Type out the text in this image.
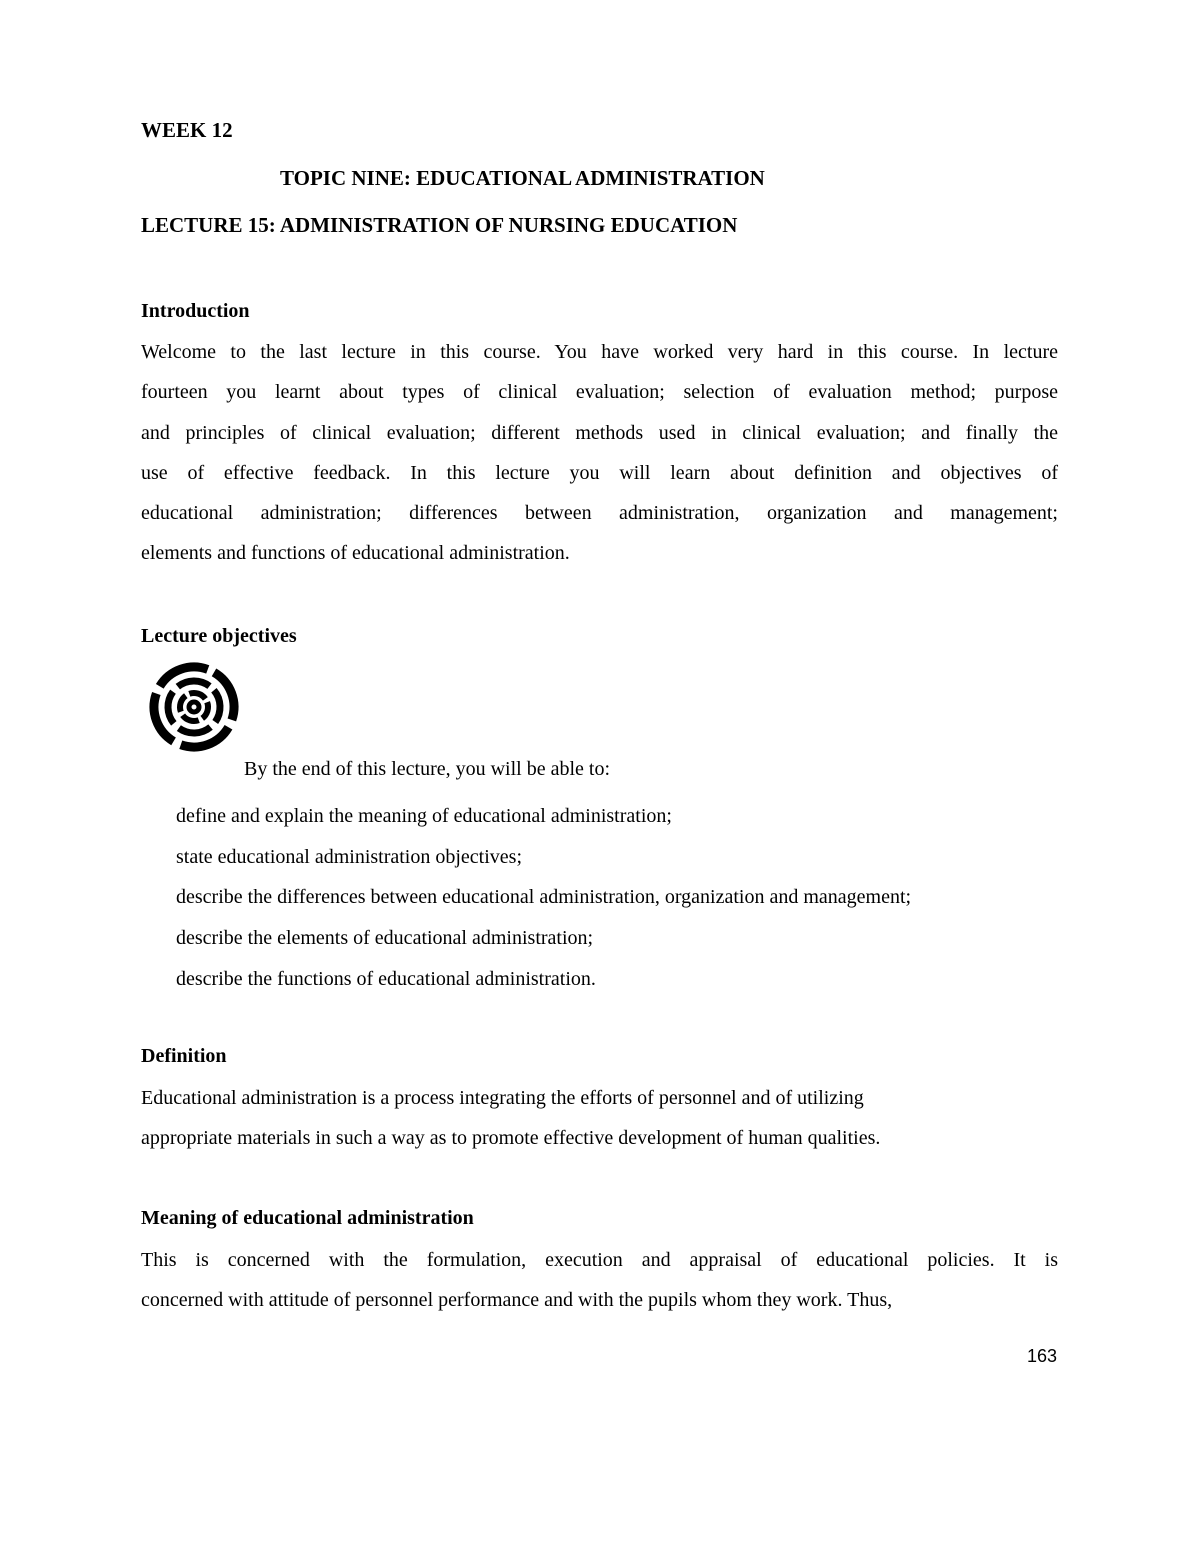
WEEK 12
TOPIC NINE: EDUCATIONAL ADMINISTRATION
LECTURE 15: ADMINISTRATION OF NURSING EDUCATION
Introduction

Welcome to the last lecture in this course. You have worked very hard in this course. In lecture

fourteen you learnt about types of clinical evaluation; selection of evaluation method; purpose

and principles of clinical evaluation; different methods used in clinical evaluation; and finally the

use of effective feedback. In this lecture you will learn about definition and objectives of

educational administration; differences between administration, organization and management;

elements and functions of educational administration.

Lecture objectives
By the end of this lecture, you will be able to:
define and explain the meaning of educational administration;
state educational administration objectives;
describe the differences between educational administration, organization and management;
describe the elements of educational administration;
describe the functions of educational administration.
Definition

Educational administration is a process integrating the efforts of personnel and of utilizing

appropriate materials in such a way as to promote effective development of human qualities.

Meaning of educational administration

This is concerned with the formulation, execution and appraisal of educational policies. It is

concerned with attitude of personnel performance and with the pupils whom they work. Thus,

163
